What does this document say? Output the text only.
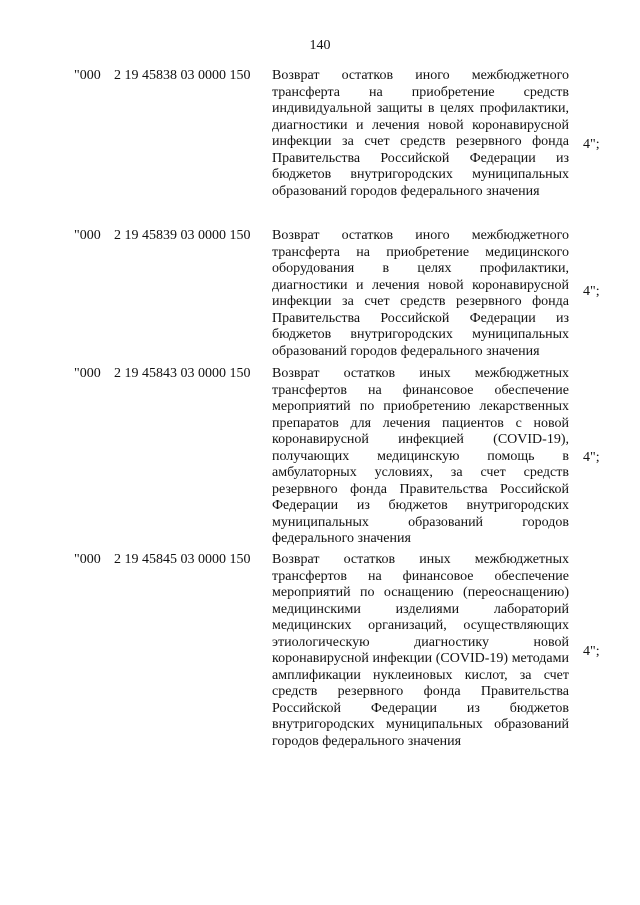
140
"000 2 19 45838 03 0000 150 Возврат остатков иного межбюджетного трансферта на приобретение средств индивидуальной защиты в целях профилактики, диагностики и лечения новой коронавирусной инфекции за счет средств резервного фонда Правительства Российской Федерации из бюджетов внутригородских муниципальных образований городов федерального значения
4";
"000 2 19 45839 03 0000 150 Возврат остатков иного межбюджетного трансферта на приобретение медицинского оборудования в целях профилактики, диагностики и лечения новой коронавирусной инфекции за счет средств резервного фонда Правительства Российской Федерации из бюджетов внутригородских муниципальных образований городов федерального значения
4";
"000 2 19 45843 03 0000 150 Возврат остатков иных межбюджетных трансфертов на финансовое обеспечение мероприятий по приобретению лекарственных препаратов для лечения пациентов с новой коронавирусной инфекцией (COVID-19), получающих медицинскую помощь в амбулаторных условиях, за счет средств резервного фонда Правительства Российской Федерации из бюджетов внутригородских муниципальных образований городов федерального значения
4";
"000 2 19 45845 03 0000 150 Возврат остатков иных межбюджетных трансфертов на финансовое обеспечение мероприятий по оснащению (переоснащению) медицинскими изделиями лабораторий медицинских организаций, осуществляющих этиологическую диагностику новой коронавирусной инфекции (COVID-19) методами амплификации нуклеиновых кислот, за счет средств резервного фонда Правительства Российской Федерации из бюджетов внутригородских муниципальных образований городов федерального значения
4";
